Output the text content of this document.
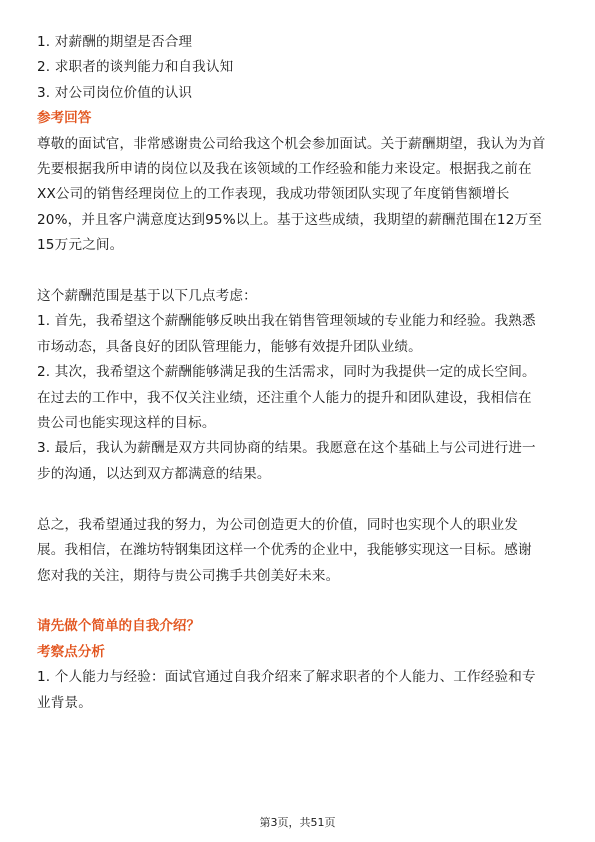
1. 对薪酬的期望是否合理
2. 求职者的谈判能力和自我认知
3. 对公司岗位价值的认识
参考回答
尊敬的面试官，非常感谢贵公司给我这个机会参加面试。关于薪酬期望，我认为为首
先要根据我所申请的岗位以及我在该领域的工作经验和能力来设定。根据我之前在
XX公司的销售经理岗位上的工作表现，我成功带领团队实现了年度销售额增长
20%，并且客户满意度达到95%以上。基于这些成绩，我期望的薪酬范围在12万至
15万元之间。
这个薪酬范围是基于以下几点考虑：
1. 首先，我希望这个薪酬能够反映出我在销售管理领域的专业能力和经验。我熟悉
市场动态，具备良好的团队管理能力，能够有效提升团队业绩。
2. 其次，我希望这个薪酬能够满足我的生活需求，同时为我提供一定的成长空间。
在过去的工作中，我不仅关注业绩，还注重个人能力的提升和团队建设，我相信在
贵公司也能实现这样的目标。
3. 最后，我认为薪酬是双方共同协商的结果。我愿意在这个基础上与公司进行进一
步的沟通，以达到双方都满意的结果。
总之，我希望通过我的努力，为公司创造更大的价值，同时也实现个人的职业发
展。我相信，在潍坊特钢集团这样一个优秀的企业中，我能够实现这一目标。感谢
您对我的关注，期待与贵公司携手共创美好未来。
请先做个简单的自我介绍？
考察点分析
1. 个人能力与经验：面试官通过自我介绍来了解求职者的个人能力、工作经验和专
业背景。
第3页，共51页
